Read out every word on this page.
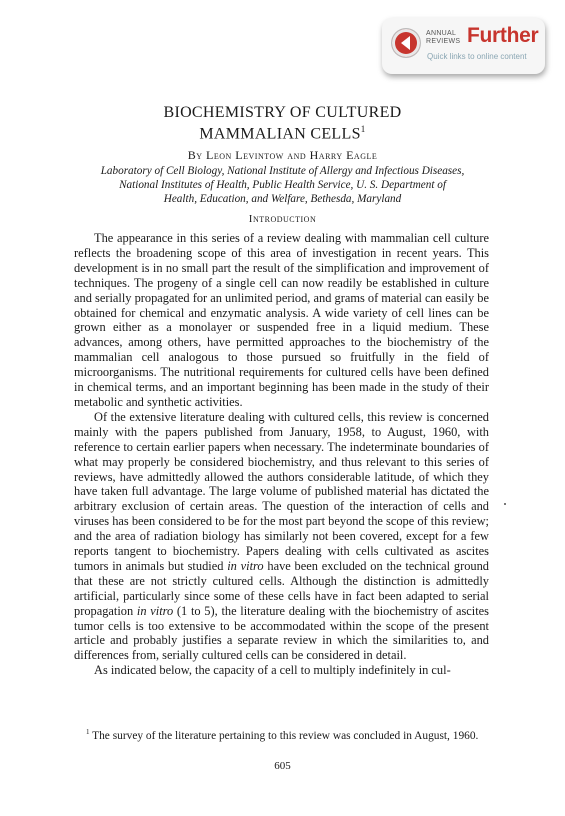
ANNUAL REVIEWS Further
Quick links to online content
BIOCHEMISTRY OF CULTURED
MAMMALIAN CELLS$^1$
By Leon Levintow and Harry Eagle
Laboratory of Cell Biology, National Institute of Allergy and Infectious Diseases,
National Institutes of Health, Public Health Service, U. S. Department of
Health, Education, and Welfare, Bethesda, Maryland
Introduction

The appearance in this series of a review dealing with mammalian cell culture reflects the broadening scope of this area of investigation in recent years. This development is in no small part the result of the simplification and improvement of techniques. The progeny of a single cell can now readily be established in culture and serially propagated for an unlimited period, and grams of material can easily be obtained for chemical and enzymatic analysis. A wide variety of cell lines can be grown either as a monolayer or suspended free in a liquid medium. These advances, among others, have permitted approaches to the biochemistry of the mammalian cell analogous to those pursued so fruitfully in the field of microorganisms. The nutritional requirements for cultured cells have been defined in chemical terms, and an important beginning has been made in the study of their metabolic and synthetic activities.

Of the extensive literature dealing with cultured cells, this review is concerned mainly with the papers published from January, 1958, to August, 1960, with reference to certain earlier papers when necessary. The indeterminate boundaries of what may properly be considered biochemistry, and thus relevant to this series of reviews, have admittedly allowed the authors considerable latitude, of which they have taken full advantage. The large volume of published material has dictated the arbitrary exclusion of certain areas. The question of the interaction of cells and viruses has been considered to be for the most part beyond the scope of this review; and the area of radiation biology has similarly not been covered, except for a few reports tangent to biochemistry. Papers dealing with cells cultivated as ascites tumors in animals but studied in vitro have been excluded on the technical ground that these are not strictly cultured cells. Although the distinction is admittedly artificial, particularly since some of these cells have in fact been adapted to serial propagation in vitro (1 to 5), the literature dealing with the biochemistry of ascites tumor cells is too extensive to be accommodated within the scope of the present article and probably justifies a separate review in which the similarities to, and differences from, serially cultured cells can be considered in detail.

As indicated below, the capacity of a cell to multiply indefinitely in cul-

$^1$ The survey of the literature pertaining to this review was concluded in August, 1960.
605
